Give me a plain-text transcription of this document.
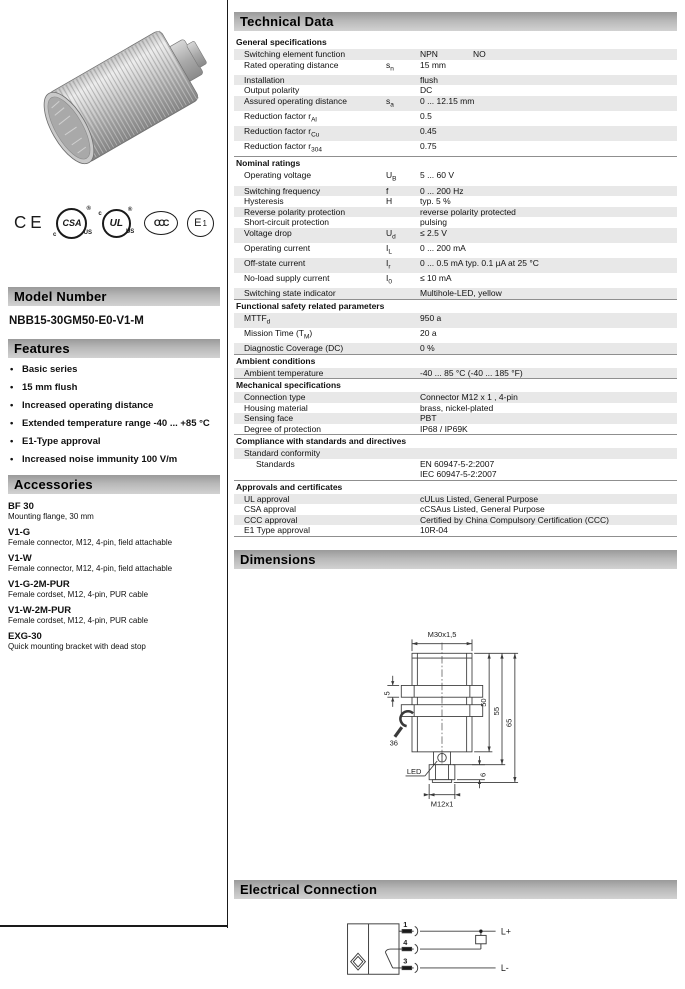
CE	CSA
c	US
®
UL
c
US
®
CCC	E 1
Model Number
NBB15-30GM50-E0-V1-M
Features
• Basic series
• 15 mm flush
• Increased operating distance
• Extended temperature range -40 ... +85 °C
• E1-Type approval
• Increased noise immunity 100 V/m
Accessories
BF 30
Mounting flange, 30 mm
V1-G
Female connector, M12, 4-pin, field attachable
V1-W
Female connector, M12, 4-pin, field attachable
V1-G-2M-PUR
Female cordset, M12, 4-pin, PUR cable
V1-W-2M-PUR
Female cordset, M12, 4-pin, PUR cable
EXG-30
Quick mounting bracket with dead stop
Technical Data
General specifications
Switching element function	NPN	NO
Rated operating distance	$s_n$	15 mm
Installation	flush
Output polarity	DC
Assured operating distance	$s_a$	0 ... 12.15 mm
Reduction factor $r_{Al}$	0.5
Reduction factor $r_{Cu}$	0.45
Reduction factor $r_{304}$	0.75
Nominal ratings
Operating voltage	$U_B$	5 ... 60 V
Switching frequency	f	0 ... 200 Hz
Hysteresis	H	typ. 5 %
Reverse polarity protection	reverse polarity protected
Short-circuit protection	pulsing
Voltage drop	$U_d$	≤ 2.5 V
Operating current	$I_L$	0 ... 200 mA
Off-state current	$I_r$	0 ... 0.5 mA typ. 0.1 µA at 25 °C
No-load supply current	$I_0$	≤ 10 mA
Switching state indicator	Multihole-LED, yellow
Functional safety related parameters
$MTTF_d$	950 a
Mission Time $(T_M)$	20 a
Diagnostic Coverage (DC)	0 %
Ambient conditions
Ambient temperature	-40 ... 85 °C (-40 ... 185 °F)
Mechanical specifications
Connection type	Connector M12 x 1 , 4-pin
Housing material	brass, nickel-plated
Sensing face	PBT
Degree of protection	IP68 / IP69K
Compliance with standards and directives
Standard conformity

Standards	EN 60947-5-2:2007
IEC 60947-5-2:2007
Approvals and certificates
UL approval	cULus Listed, General Purpose
CSA approval	cCSAus Listed, General Purpose
CCC approval	Certified by China Compulsory Certification (CCC)
E1 Type approval	10R-04
Dimensions
M30x1,5
50
55
65
5
6
36
LED
M12x1
Electrical Connection
1
4
3
L+
L-
